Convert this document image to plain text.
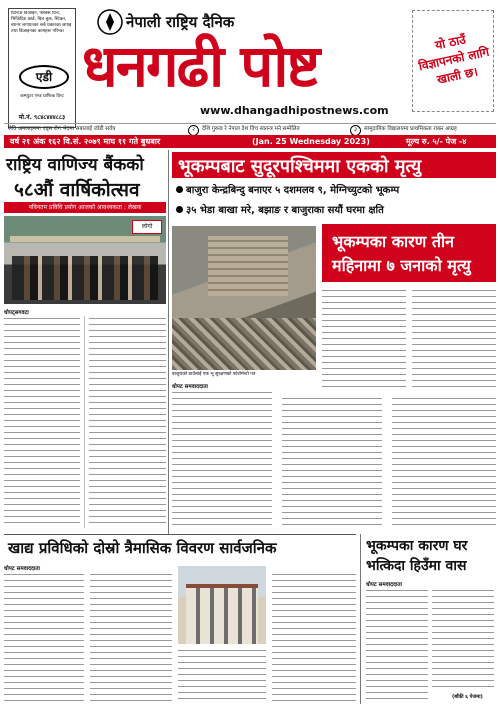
प्रिन्टिङ डिजाइन, फ्लेक्स प्रिन्ट, भिजिटिङ कार्ड, बिल बुक, स्टिकर, ब्यानर लगायतका सबै प्रकारका छपाइ तथा डिजाइनका कामहरू गरिन्छ।
एडी
कम्प्युटर एण्ड ग्राफिक प्रिन्ट
मो.नं. ९८४८४४४८८३
नेपाली राष्ट्रिय दैनिक
धनगढी पोष्ट
www.dhangadhipostnews.com
यो ठाउँ विज्ञापनको लागि खाली छ।
सेवि अनलाइनमा एड्स रोग भेदमा सबालाई जोडी सर्वत्र	२	देशि गुरुत्व रे नेपाल देश विच स्वतन्त्र मने सम्मेलित	३	सामुदायिक विद्यालयमा प्राथमिकता राख्न आग्रह
वर्ष २१ अंक १६२ वि.सं. २०७९ माघ ११ गते बुधबार	(Jan. 25 Wednesday 2023)	मूल्य रु. ५/- पेज -४
राष्ट्रिय वाणिज्य बैंकको
५८औं वार्षिकोत्सव
नविनतम प्रविधि प्रयोग आजको आवश्यकता : लेखक
लोगो
धोपट्सगवटा
भूकम्पबाट सुदूरपश्चिममा एकको मृत्यु
बाजुरा केन्द्रबिन्दु बनाएर ५ दशमलव ९, मेग्निच्युटको भूकम्प
३५ भेडा बाखा मरे, बझाङ र बाजुराका सयौं घरमा क्षति
बाजुराको ठाउँलाई एक भू सुरक्षणको फोटोमेन्टो पत्र
भूकम्पका कारण तीन महिनामा ७ जनाको मृत्यु
धोपट समवाददाता
खाद्य प्रविधिको दोस्रो त्रैमासिक विवरण सार्वजनिक
धोपट समवाददाता
भूकम्पका कारण घर भत्किदा हिउँमा वास
धोपट समवाददाता
(बाँकी ६ पेजमा)
